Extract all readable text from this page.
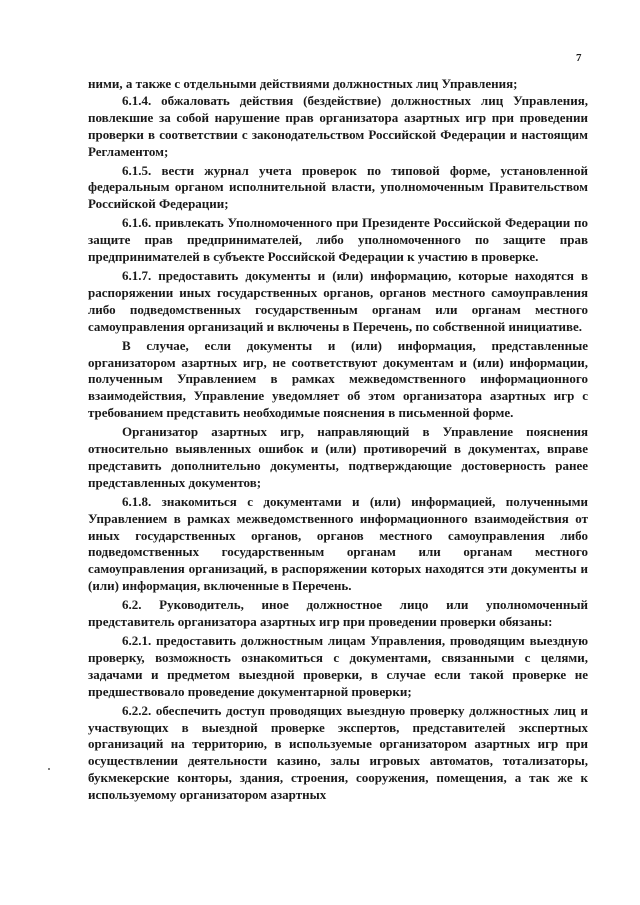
7

ними, а также с отдельными действиями должностных лиц Управления;

6.1.4. обжаловать действия (бездействие) должностных лиц Управления, повлекшие за собой нарушение прав организатора азартных игр при проведении проверки в соответствии с законодательством Российской Федерации и настоящим Регламентом;

6.1.5. вести журнал учета проверок по типовой форме, установленной федеральным органом исполнительной власти, уполномоченным Правительством Российской Федерации;

6.1.6. привлекать Уполномоченного при Президенте Российской Федерации по защите прав предпринимателей, либо уполномоченного по защите прав предпринимателей в субъекте Российской Федерации к участию в проверке.

6.1.7. предоставить документы и (или) информацию, которые находятся в распоряжении иных государственных органов, органов местного самоуправления либо подведомственных государственным органам или органам местного самоуправления организаций и включены в Перечень, по собственной инициативе.

В случае, если документы и (или) информация, представленные организатором азартных игр, не соответствуют документам и (или) информации, полученным Управлением в рамках межведомственного информационного взаимодействия, Управление уведомляет об этом организатора азартных игр с требованием представить необходимые пояснения в письменной форме.

Организатор азартных игр, направляющий в Управление пояснения относительно выявленных ошибок и (или) противоречий в документах, вправе представить дополнительно документы, подтверждающие достоверность ранее представленных документов;

6.1.8. знакомиться с документами и (или) информацией, полученными Управлением в рамках межведомственного информационного взаимодействия от иных государственных органов, органов местного самоуправления либо подведомственных государственным органам или органам местного самоуправления организаций, в распоряжении которых находятся эти документы и (или) информация, включенные в Перечень.

6.2. Руководитель, иное должностное лицо или уполномоченный представитель организатора азартных игр при проведении проверки обязаны:

6.2.1. предоставить должностным лицам Управления, проводящим выездную проверку, возможность ознакомиться с документами, связанными с целями, задачами и предметом выездной проверки, в случае если такой проверке не предшествовало проведение документарной проверки;

6.2.2. обеспечить доступ проводящих выездную проверку должностных лиц и участвующих в выездной проверке экспертов, представителей экспертных организаций на территорию, в используемые организатором азартных игр при осуществлении деятельности казино, залы игровых автоматов, тотализаторы, букмекерские конторы, здания, строения, сооружения, помещения, а так же к используемому организатором азартных
